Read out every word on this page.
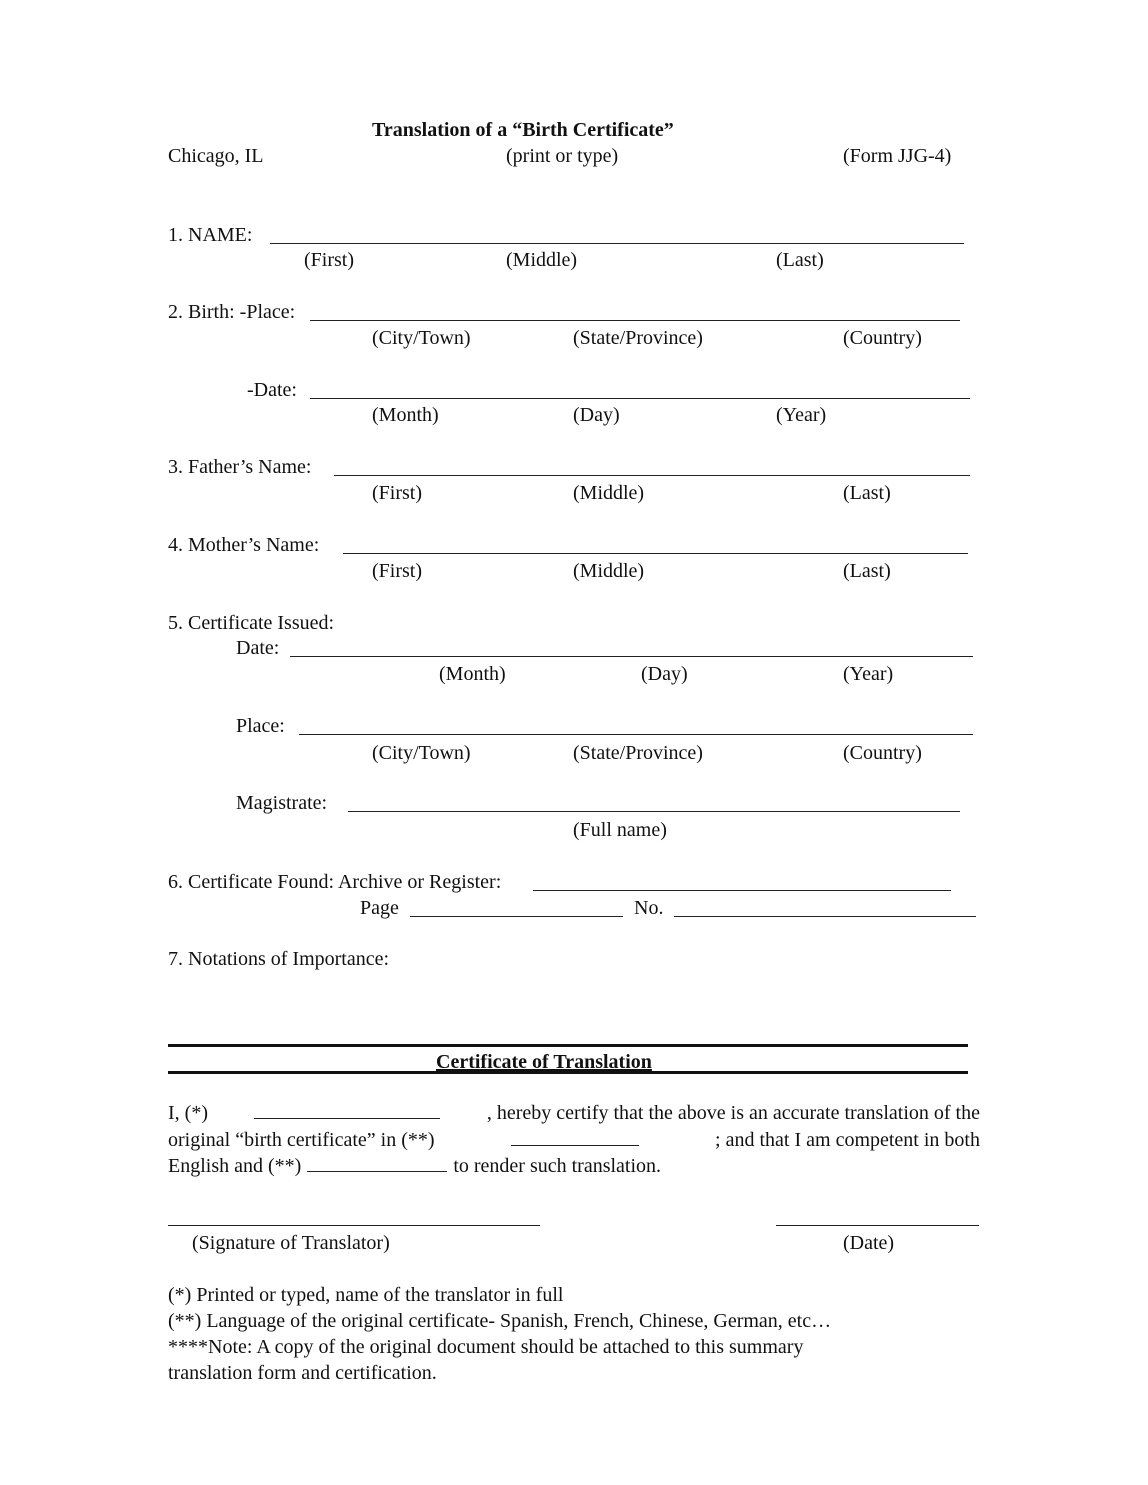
Translation of a “Birth Certificate”
Chicago, IL	(print or type)	(Form JJG-4)
1. NAME:
(First)	(Middle)	(Last)
2. Birth: -Place:
(City/Town)	(State/Province)	(Country)
-Date:
(Month)	(Day)	(Year)
3. Father’s Name:
(First)	(Middle)	(Last)
4. Mother’s Name:
(First)	(Middle)	(Last)
5. Certificate Issued:
Date:
(Month)	(Day)	(Year)
Place:
(City/Town)	(State/Province)	(Country)
Magistrate:
(Full name)
6. Certificate Found: Archive or Register:
Page	No.
7. Notations of Importance:
Certificate of Translation
I, (*)	, hereby certify that the above is an accurate translation of the
original “birth certificate” in (**)	; and that I am competent in both
English and (**)	to render such translation.
(Signature of Translator)	(Date)
(*) Printed or typed, name of the translator in full
(**) Language of the original certificate- Spanish, French, Chinese, German, etc…
****Note: A copy of the original document should be attached to this summary
translation form and certification.
